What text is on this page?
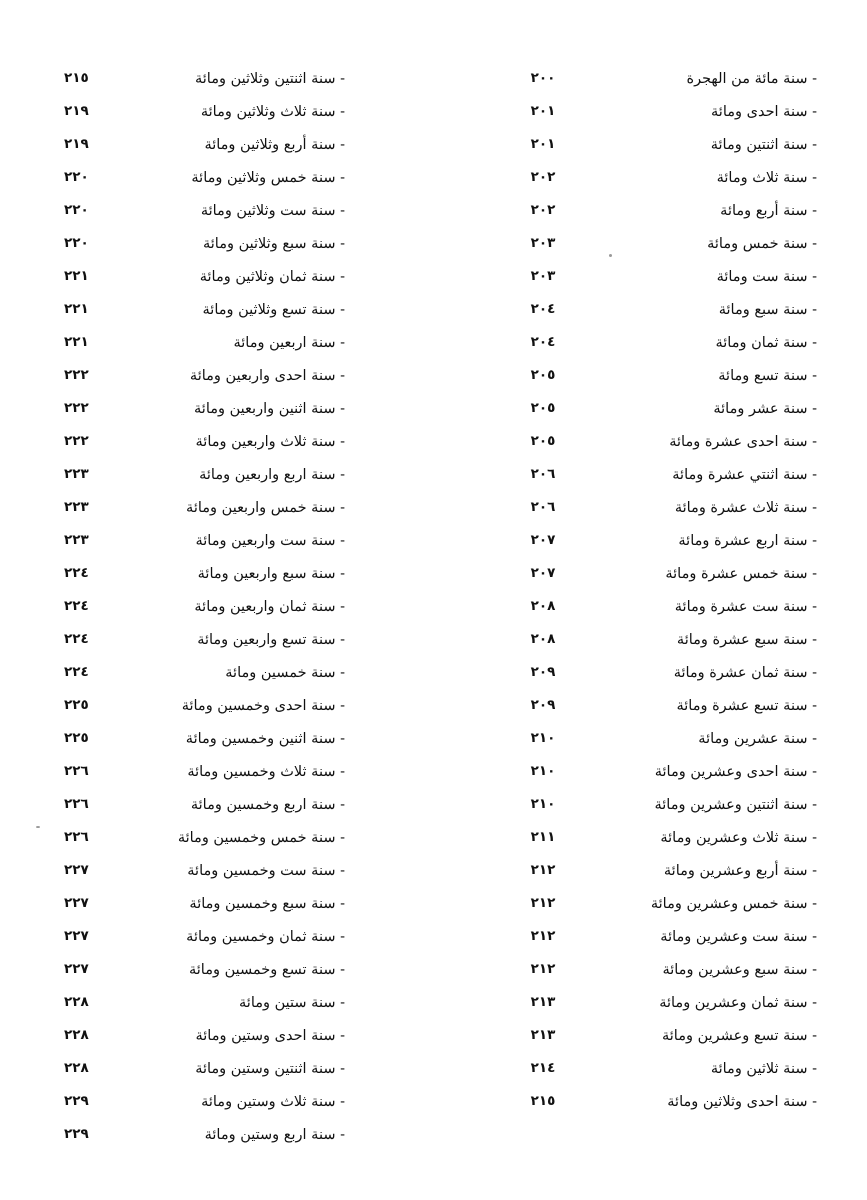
- سنة مائة من الهجرة
٢٠٠
- سنة احدى ومائة
٢٠١
- سنة اثنتين ومائة
٢٠١
- سنة ثلاث ومائة
٢٠٢
- سنة أربع ومائة
٢٠٢
- سنة خمس ومائة
٢٠٣
- سنة ست ومائة
٢٠٣
- سنة سبع ومائة
٢٠٤
- سنة ثمان ومائة
٢٠٤
- سنة تسع ومائة
٢٠٥
- سنة عشر ومائة
٢٠٥
- سنة احدى عشرة ومائة
٢٠٥
- سنة اثنتي عشرة ومائة
٢٠٦
- سنة ثلاث عشرة ومائة
٢٠٦
- سنة اربع عشرة ومائة
٢٠٧
- سنة خمس عشرة ومائة
٢٠٧
- سنة ست عشرة ومائة
٢٠٨
- سنة سبع عشرة ومائة
٢٠٨
- سنة ثمان عشرة ومائة
٢٠٩
- سنة تسع عشرة ومائة
٢٠٩
- سنة عشرين ومائة
٢١٠
- سنة احدى وعشرين ومائة
٢١٠
- سنة اثنتين وعشرين ومائة
٢١٠
- سنة ثلاث وعشرين ومائة
٢١١
- سنة أربع وعشرين ومائة
٢١٢
- سنة خمس وعشرين ومائة
٢١٢
- سنة ست وعشرين ومائة
٢١٢
- سنة سبع وعشرين ومائة
٢١٢
- سنة ثمان وعشرين ومائة
٢١٣
- سنة تسع وعشرين ومائة
٢١٣
- سنة ثلاثين ومائة
٢١٤
- سنة احدى وثلاثين ومائة
٢١٥
- سنة اثنتين وثلاثين ومائة
٢١٥
- سنة ثلاث وثلاثين ومائة
٢١٩
- سنة أربع وثلاثين ومائة
٢١٩
- سنة خمس وثلاثين ومائة
٢٢٠
- سنة ست وثلاثين ومائة
٢٢٠
- سنة سبع وثلاثين ومائة
٢٢٠
- سنة ثمان وثلاثين ومائة
٢٢١
- سنة تسع وثلاثين ومائة
٢٢١
- سنة اربعين ومائة
٢٢١
- سنة احدى واربعين ومائة
٢٢٢
- سنة اثنين واربعين ومائة
٢٢٢
- سنة ثلاث واربعين ومائة
٢٢٢
- سنة اربع واربعين ومائة
٢٢٣
- سنة خمس واربعين ومائة
٢٢٣
- سنة ست واربعين ومائة
٢٢٣
- سنة سبع واربعين ومائة
٢٢٤
- سنة ثمان واربعين ومائة
٢٢٤
- سنة تسع واربعين ومائة
٢٢٤
- سنة خمسين ومائة
٢٢٤
- سنة احدى وخمسين ومائة
٢٢٥
- سنة اثنين وخمسين ومائة
٢٢٥
- سنة ثلاث وخمسين ومائة
٢٢٦
- سنة اربع وخمسين ومائة
٢٢٦
- سنة خمس وخمسين ومائة
٢٢٦
- سنة ست وخمسين ومائة
٢٢٧
- سنة سبع وخمسين ومائة
٢٢٧
- سنة ثمان وخمسين ومائة
٢٢٧
- سنة تسع وخمسين ومائة
٢٢٧
- سنة ستين ومائة
٢٢٨
- سنة احدى وستين ومائة
٢٢٨
- سنة اثنتين وستين ومائة
٢٢٨
- سنة ثلاث وستين ومائة
٢٢٩
- سنة اربع وستين ومائة
٢٢٩
